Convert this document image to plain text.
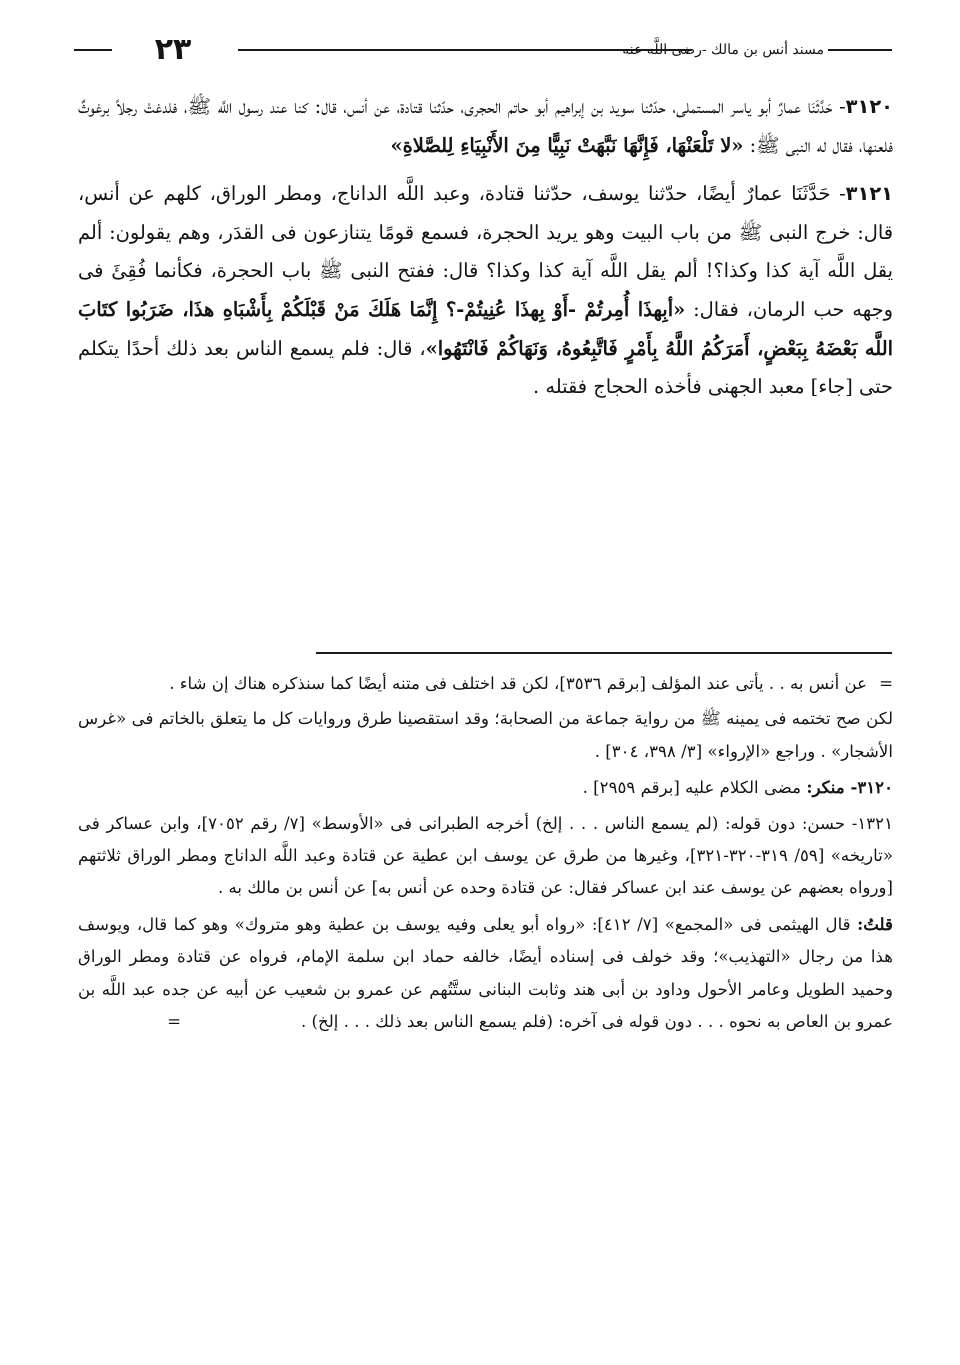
٢٣	مسند أنس بن مالك -رضى اللَّه عنه-

٣١٢٠- حَدَّثَنَا عمارٌ أبو ياسر المستملى، حدّثنا سويد بن إبراهيم أبو حاتم الحجرى، حدّثنا قتادة، عن أنس، قال: كنا عند رسول اللَّه ﷺ، فلدغتْ رجلاً برغوثٌ فلعنها، فقال له النبى ﷺ: «لا تَلْعَنْهَا، فَإِنَّهَا نَبَّهَتْ نَبِيًّا مِنَ الأَنْبِيَاءِ لِلصَّلاةِ»

٣١٢١- حَدَّثَنَا عمارٌ أيضًا، حدّثنا يوسف، حدّثنا قتادة، وعبد اللَّه الداناج، ومطر الوراق، كلهم عن أنس، قال: خرج النبى ﷺ من باب البيت وهو يريد الحجرة، فسمع قومًا يتنازعون فى القدَر، وهم يقولون: ألم يقل اللَّه آية كذا وكذا؟! ألم يقل اللَّه آية كذا وكذا؟ قال: ففتح النبى ﷺ باب الحجرة، فكأنما فُقِئَ فى وجهه حب الرمان، فقال: «أبِهذَا أُمِرتُمْ -أَوْ بِهذَا عُنِيتُمْ-؟ إِنَّمَا هَلَكَ مَنْ قَبْلَكُمْ بِأَشْبَاهِ هذَا، ضَرَبُوا كتَابَ اللَّه بَعْضَهُ بِبَعْضٍ، أَمَرَكُمُ اللَّهُ بِأَمْرٍ فَاتَّبِعُوهُ، وَنَهَاكُمْ فَانْتَهُوا»، قال: فلم يسمع الناس بعد ذلك أحدًا يتكلم حتى [جاء] معبد الجهنى فأخذه الحجاج فقتله .

=عن أنس به . . يأتى عند المؤلف [برقم ٣٥٣٦]، لكن قد اختلف فى متنه أيضًا كما سنذكره هناك إن شاء .

لكن صح تختمه فى يمينه ﷺ من رواية جماعة من الصحابة؛ وقد استقصينا طرق وروايات كل ما يتعلق بالخاتم فى «غرس الأشجار» . وراجع «الإرواء» [٣/ ٣٩٨، ٣٠٤] .

٣١٢٠- منكر: مضى الكلام عليه [برقم ٢٩٥٩] .

١٣٢١- حسن: دون قوله: (لم يسمع الناس . . . إلخ) أخرجه الطبرانى فى «الأوسط» [٧/ رقم ٧٠٥٢]، وابن عساكر فى «تاريخه» [٥٩/ ٣١٩-٣٢٠-٣٢١]، وغيرها من طرق عن يوسف ابن عطية عن قتادة وعبد اللَّه الداناج ومطر الوراق ثلاثتهم [ورواه بعضهم عن يوسف عند ابن عساكر فقال: عن قتادة وحده عن أنس به] عن أنس بن مالك به .

قلتُ: قال الهيثمى فى «المجمع» [٧/ ٤١٢]: «رواه أبو يعلى وفيه يوسف بن عطية وهو متروك» وهو كما قال، ويوسف هذا من رجال «التهذيب»؛ وقد خولف فى إسناده أيضًا، خالفه حماد ابن سلمة الإمام، فرواه عن قتادة ومطر الوراق وحميد الطويل وعامر الأحول وداود بن أبى هند وثابت البنانى ستَّتُهم عن عمرو بن شعيب عن أبيه عن جده عبد اللَّه بن عمرو بن العاص به نحوه . . . دون قوله فى آخره: (فلم يسمع الناس بعد ذلك . . . إلخ) .=
